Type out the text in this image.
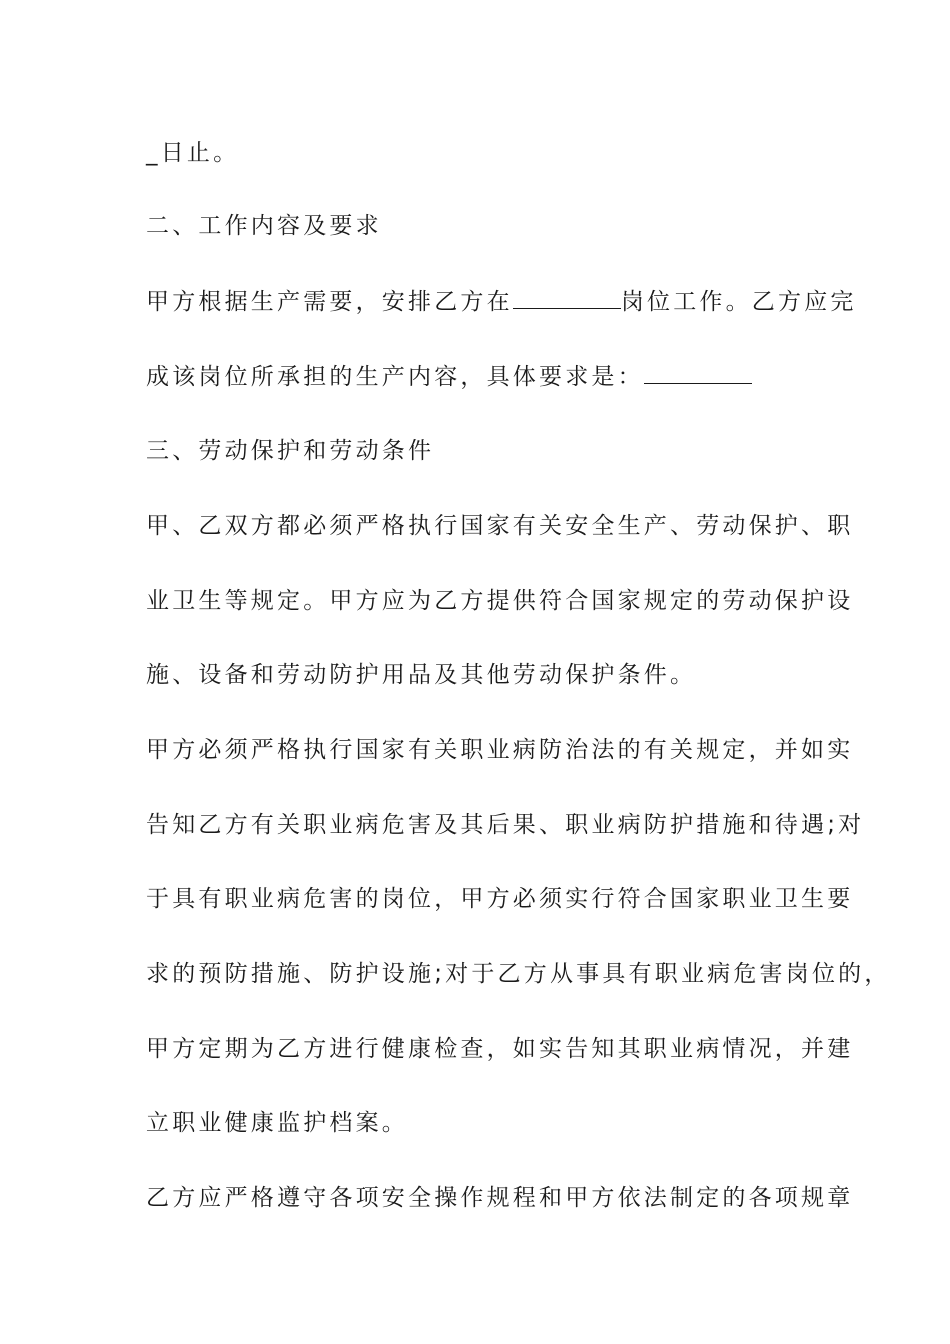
_日止。
二、工作内容及要求
甲方根据生产需要，安排乙方在	岗位工作。乙方应完
成该岗位所承担的生产内容，具体要求是：
三、劳动保护和劳动条件
甲、乙双方都必须严格执行国家有关安全生产、劳动保护、职
业卫生等规定。甲方应为乙方提供符合国家规定的劳动保护设
施、设备和劳动防护用品及其他劳动保护条件。
甲方必须严格执行国家有关职业病防治法的有关规定，并如实
告知乙方有关职业病危害及其后果、职业病防护措施和待遇;对
于具有职业病危害的岗位，甲方必须实行符合国家职业卫生要
求的预防措施、防护设施;对于乙方从事具有职业病危害岗位的，
甲方定期为乙方进行健康检查，如实告知其职业病情况，并建
立职业健康监护档案。
乙方应严格遵守各项安全操作规程和甲方依法制定的各项规章
